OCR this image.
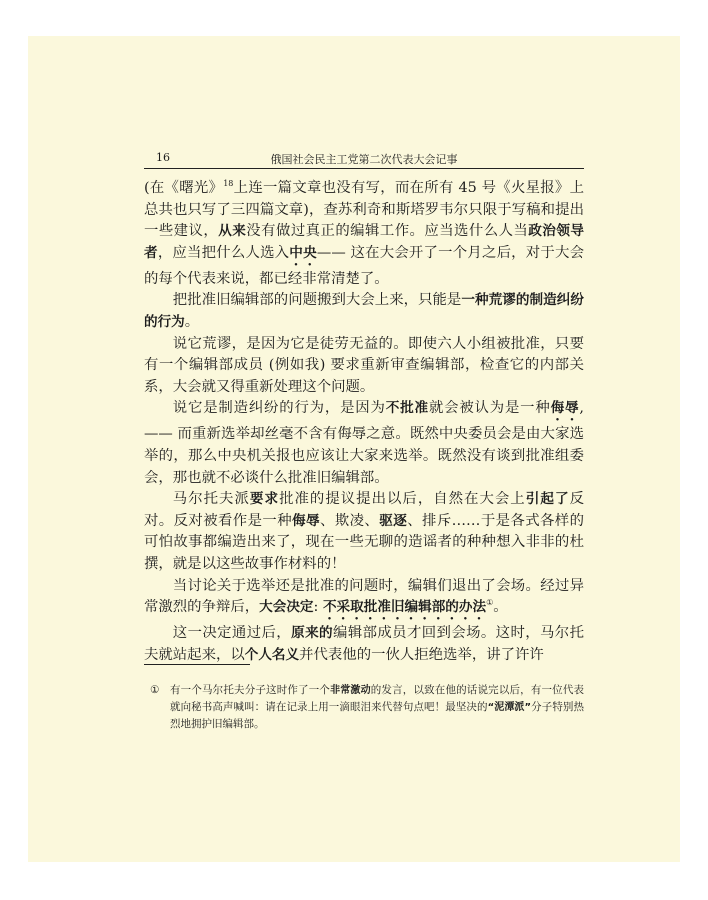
16	俄国社会民主工党第二次代表大会记事

(在《曙光》$^{18}$上连一篇文章也没有写，而在所有 45 号《火星报》上总共也只写了三四篇文章)，查苏利奇和斯塔罗韦尔只限于写稿和提出一些建议，从来没有做过真正的编辑工作。应当选什么人当政治领导者，应当把什么人选入中央—— 这在大会开了一个月之后，对于大会的每个代表来说，都已经非常清楚了。

把批准旧编辑部的问题搬到大会上来，只能是一种荒谬的制造纠纷的行为。

说它荒谬，是因为它是徒劳无益的。即使六人小组被批准，只要有一个编辑部成员 (例如我) 要求重新审查编辑部，检查它的内部关系，大会就又得重新处理这个问题。

说它是制造纠纷的行为，是因为不批准就会被认为是一种侮辱,—— 而重新选举却丝毫不含有侮辱之意。既然中央委员会是由大家选举的，那么中央机关报也应该让大家来选举。既然没有谈到批准组委会，那也就不必谈什么批准旧编辑部。

马尔托夫派要求批准的提议提出以后，自然在大会上引起了反对。反对被看作是一种侮辱、欺凌、驱逐、排斥……于是各式各样的可怕故事都编造出来了，现在一些无聊的造谣者的种种想入非非的杜撰，就是以这些故事作材料的！

当讨论关于选举还是批准的问题时，编辑们退出了会场。经过异常激烈的争辩后，大会决定: 不采取批准旧编辑部的办法①。

这一决定通过后，原来的编辑部成员才回到会场。这时，马尔托夫就站起来，以个人名义并代表他的一伙人拒绝选举，讲了许许

① 有一个马尔托夫分子这时作了一个非常激动的发言，以致在他的话说完以后，有一位代表就向秘书高声喊叫：请在记录上用一滴眼泪来代替句点吧！最坚决的“泥潭派”分子特别热烈地拥护旧编辑部。
